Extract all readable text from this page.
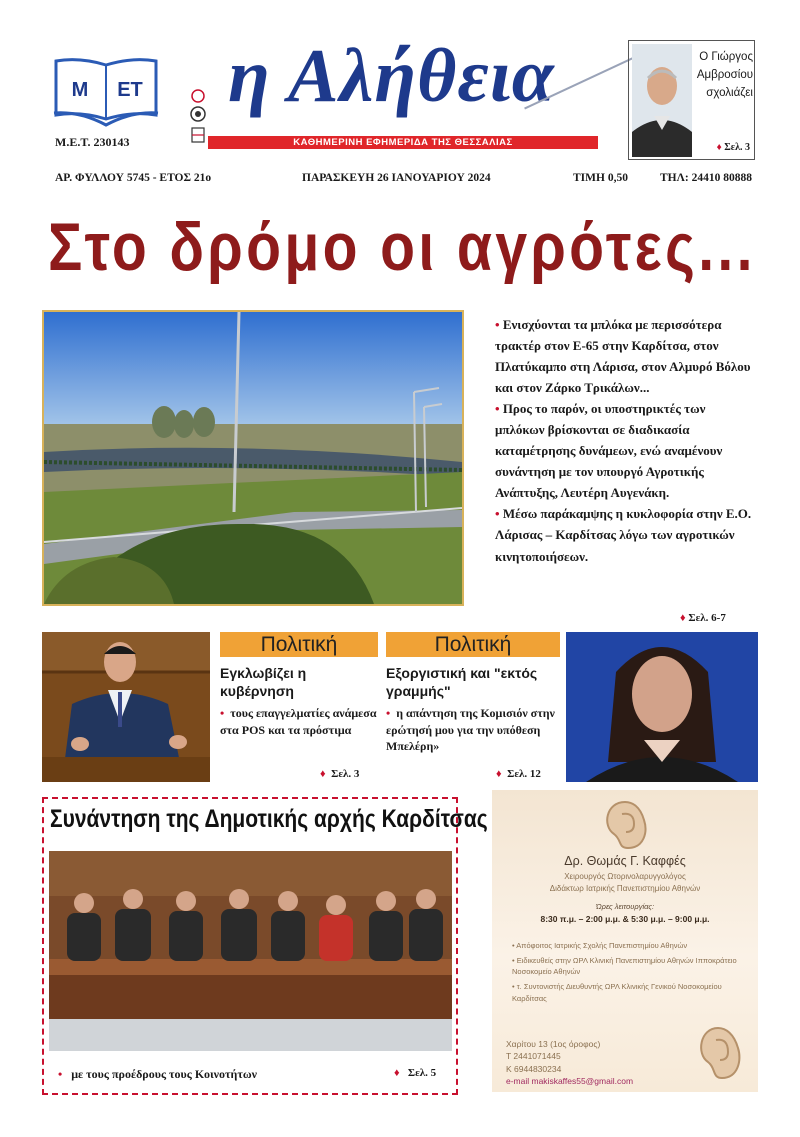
Μ ΕΤ
Μ.Ε.Τ. 230143
η Αλήθεια
ΚΑΘΗΜΕΡΙΝΗ ΕΦΗΜΕΡΙΔΑ ΤΗΣ ΘΕΣΣΑΛΙΑΣ
Ο Γιώργος Αμβροσίου σχολιάζει
♦ Σελ. 3
ΑΡ. ΦΥΛΛΟΥ 5745 - ΕΤΟΣ 21ο	ΠΑΡΑΣΚΕΥΗ 26 ΙΑΝΟΥΑΡΙΟΥ 2024	ΤΙΜΗ 0,50	ΤΗΛ: 24410 80888
Στο δρόμο οι αγρότες...

• Ενισχύονται τα μπλόκα με περισσότερα τρακτέρ στον Ε-65 στην Καρδίτσα, στον Πλατύκαμπο στη Λάρισα, στον Αλμυρό Βόλου και στον Ζάρκο Τρικάλων...

• Προς το παρόν, οι υποστηρικτές των μπλόκων βρίσκονται σε διαδικασία καταμέτρησης δυνάμεων, ενώ αναμένουν συνάντηση με τον υπουργό Αγροτικής Ανάπτυξης, Λευτέρη Αυγενάκη.

• Μέσω παράκαμψης η κυκλοφορία στην Ε.Ο. Λάρισας – Καρδίτσας λόγω των αγροτικών κινητοποιήσεων.

♦ Σελ. 6-7
Πολιτική
Εγκλωβίζει η κυβέρνηση
• τους επαγγελματίες ανάμεσα στα POS και τα πρόστιμα
♦ Σελ. 3
Πολιτική
Εξοργιστική και "εκτός γραμμής"
• η απάντηση της Κομισιόν στην ερώτησή μου για την υπόθεση Μπελέρη»
♦ Σελ. 12
Συνάντηση της Δημοτικής αρχής Καρδίτσας
• με τους προέδρους τους Κοινοτήτων	♦ Σελ. 5
Δρ. Θωμάς Γ. Καφφές
Χειρουργός Ωτορινολαρυγγολόγος
Διδάκτωρ Ιατρικής Πανεπιστημίου Αθηνών
Ώρες λειτουργίας:
8:30 π.μ. – 2:00 μ.μ. & 5:30 μ.μ. – 9:00 μ.μ.
• Απόφοιτος Ιατρικής Σχολής Πανεπιστημίου Αθηνών
• Ειδικευθείς στην ΩΡΛ Κλινική Πανεπιστημίου Αθηνών Ιπποκράτειο Νοσοκομείο Αθηνών
• τ. Συντονιστής Διευθυντής ΩΡΛ Κλινικής Γενικού Νοσοκομείου Καρδίτσας
Χαρίτου 13 (1ος όροφος)
Τ 2441071445
Κ 6944830234
e-mail makiskaffes55@gmail.com
